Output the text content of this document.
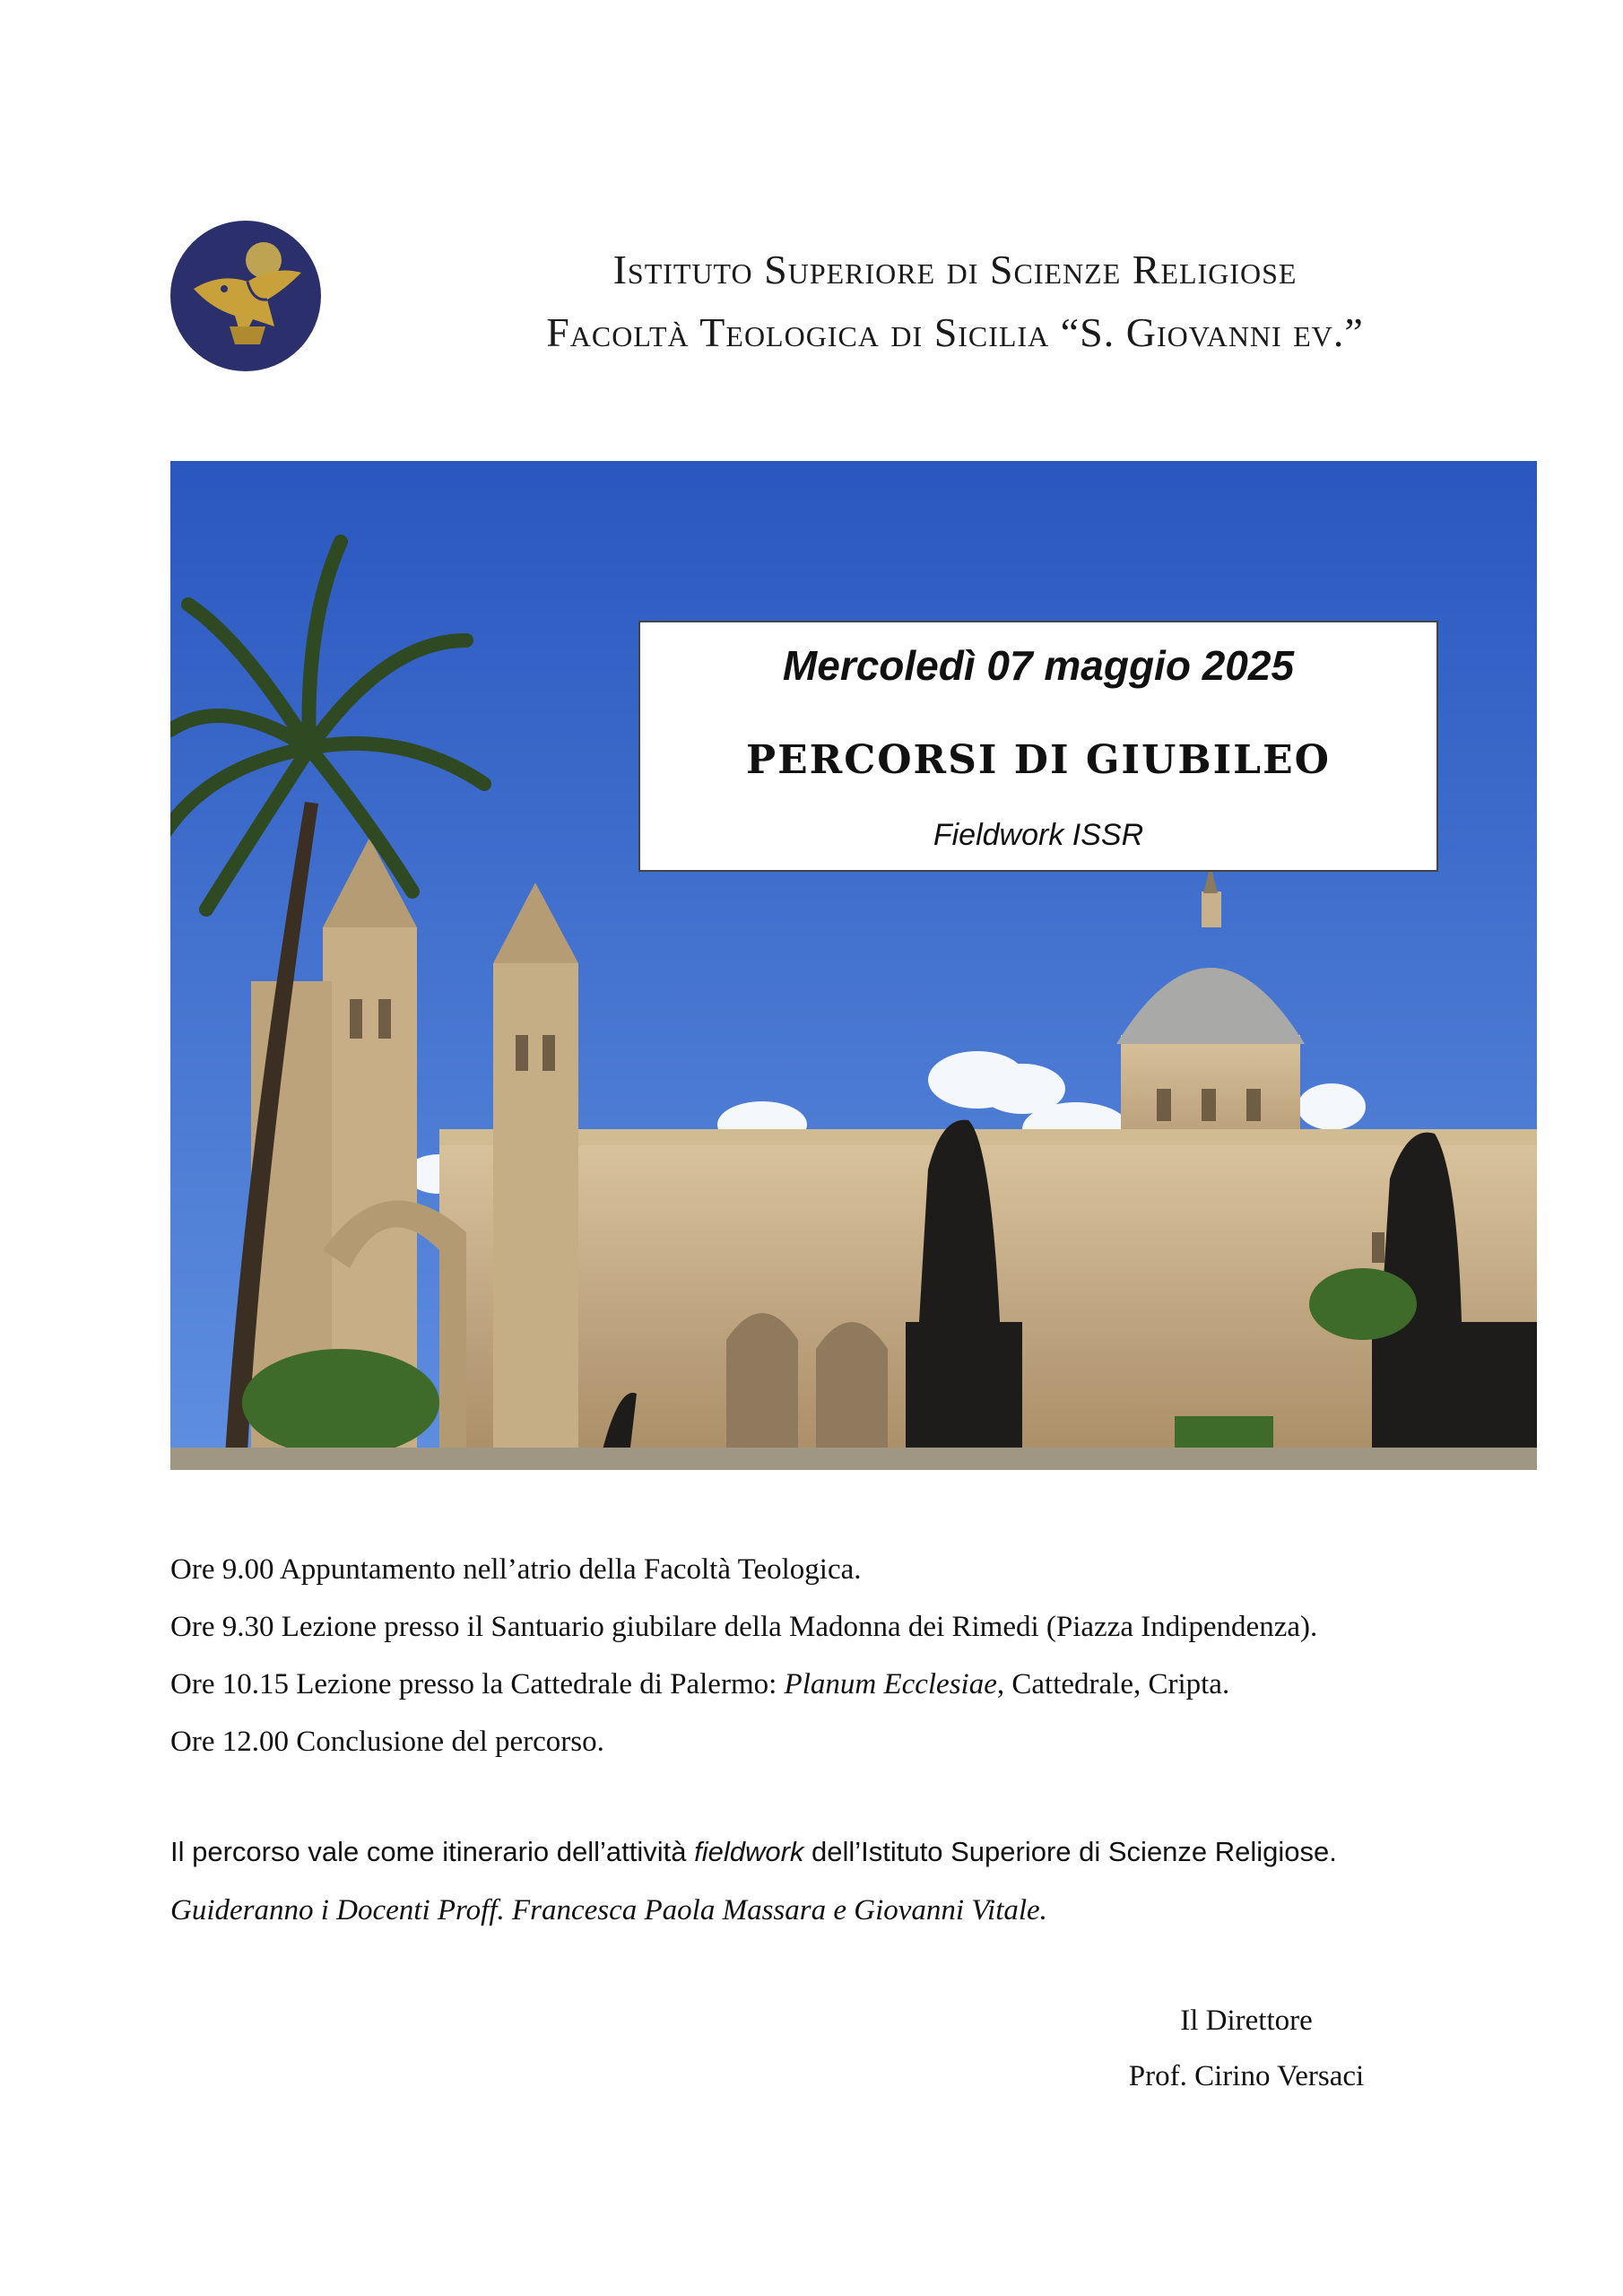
Istituto Superiore di Scienze Religiose
Facoltà Teologica di Sicilia “S. Giovanni ev.”
Mercoledì 07 maggio 2025
PERCORSI DI GIUBILEO
Fieldwork ISSR
Ore 9.00 Appuntamento nell’atrio della Facoltà Teologica.
Ore 9.30 Lezione presso il Santuario giubilare della Madonna dei Rimedi (Piazza Indipendenza).
Ore 10.15 Lezione presso la Cattedrale di Palermo: Planum Ecclesiae, Cattedrale, Cripta.
Ore 12.00 Conclusione del percorso.
Il percorso vale come itinerario dell’attività fieldwork dell’Istituto Superiore di Scienze Religiose.
Guideranno i Docenti Proff. Francesca Paola Massara e Giovanni Vitale.
Il Direttore
Prof. Cirino Versaci
